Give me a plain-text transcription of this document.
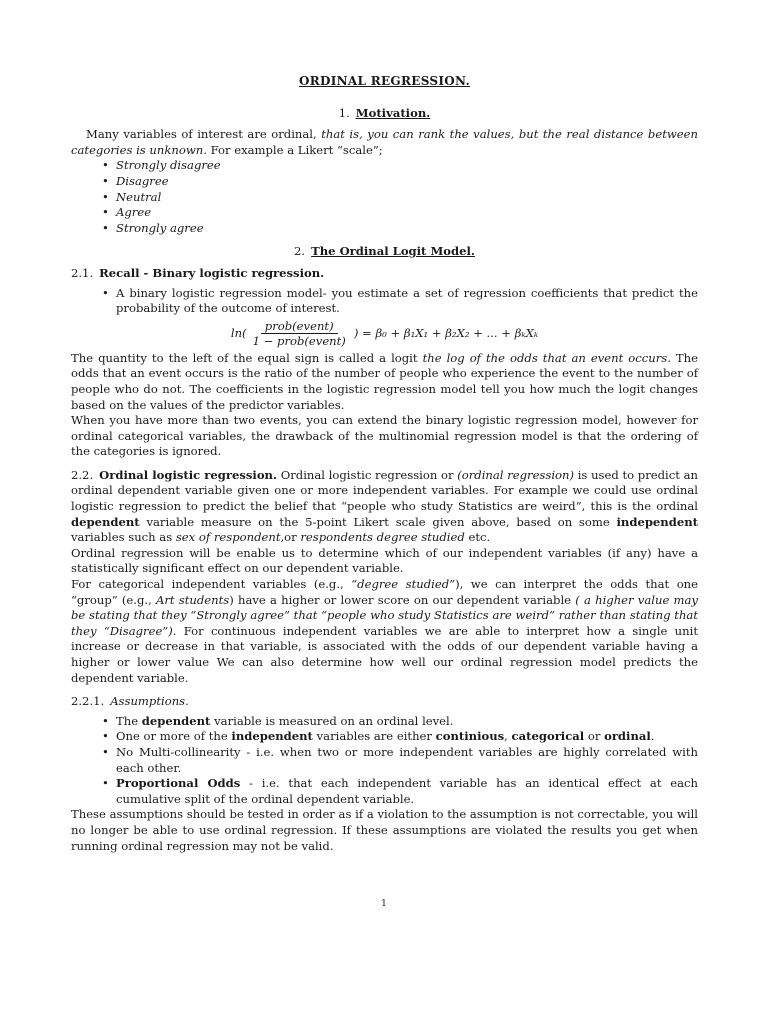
ORDINAL REGRESSION.
1. Motivation.

Many variables of interest are ordinal, that is, you can rank the values, but the real distance between categories is unknown. For example a Likert “scale”;

• Strongly disagree
• Disagree
• Neutral
• Agree
• Strongly agree
2. The Ordinal Logit Model.
2.1. Recall - Binary logistic regression.
• A binary logistic regression model- you estimate a set of regression coefficients that predict the probability of the outcome of interest.
$\ln( \frac{\text{prob(event)}}{\text{1 − prob(event)}}$ ) = β₀ + β₁X₁ + β₂X₂ + ... + βₖXₖ

The quantity to the left of the equal sign is called a logit the log of the odds that an event occurs. The odds that an event occurs is the ratio of the number of people who experience the event to the number of people who do not. The coefficients in the logistic regression model tell you how much the logit changes based on the values of the predictor variables.

When you have more than two events, you can extend the binary logistic regression model, however for ordinal categorical variables, the drawback of the multinomial regression model is that the ordering of the categories is ignored.

2.2. Ordinal logistic regression. Ordinal logistic regression or (ordinal regression) is used to predict an ordinal dependent variable given one or more independent variables. For example we could use ordinal logistic regression to predict the belief that “people who study Statistics are weird”, this is the ordinal dependent variable measure on the 5-point Likert scale given above, based on some independent variables such as sex of respondent,or respondents degree studied etc.

Ordinal regression will be enable us to determine which of our independent variables (if any) have a statistically significant effect on our dependent variable.

For categorical independent variables (e.g., “degree studied”), we can interpret the odds that one “group” (e.g., Art students) have a higher or lower score on our dependent variable ( a higher value may be stating that they “Strongly agree” that “people who study Statistics are weird” rather than stating that they “Disagree”). For continuous independent variables we are able to interpret how a single unit increase or decrease in that variable, is associated with the odds of our dependent variable having a higher or lower value We can also determine how well our ordinal regression model predicts the dependent variable.

2.2.1. Assumptions.
• The dependent variable is measured on an ordinal level.
• One or more of the independent variables are either continious, categorical or ordinal.
• No Multi-collinearity - i.e. when two or more independent variables are highly correlated with each other.
• Proportional Odds - i.e. that each independent variable has an identical effect at each cumulative split of the ordinal dependent variable.

These assumptions should be tested in order as if a violation to the assumption is not correctable, you will no longer be able to use ordinal regression. If these assumptions are violated the results you get when running ordinal regression may not be valid.

1
